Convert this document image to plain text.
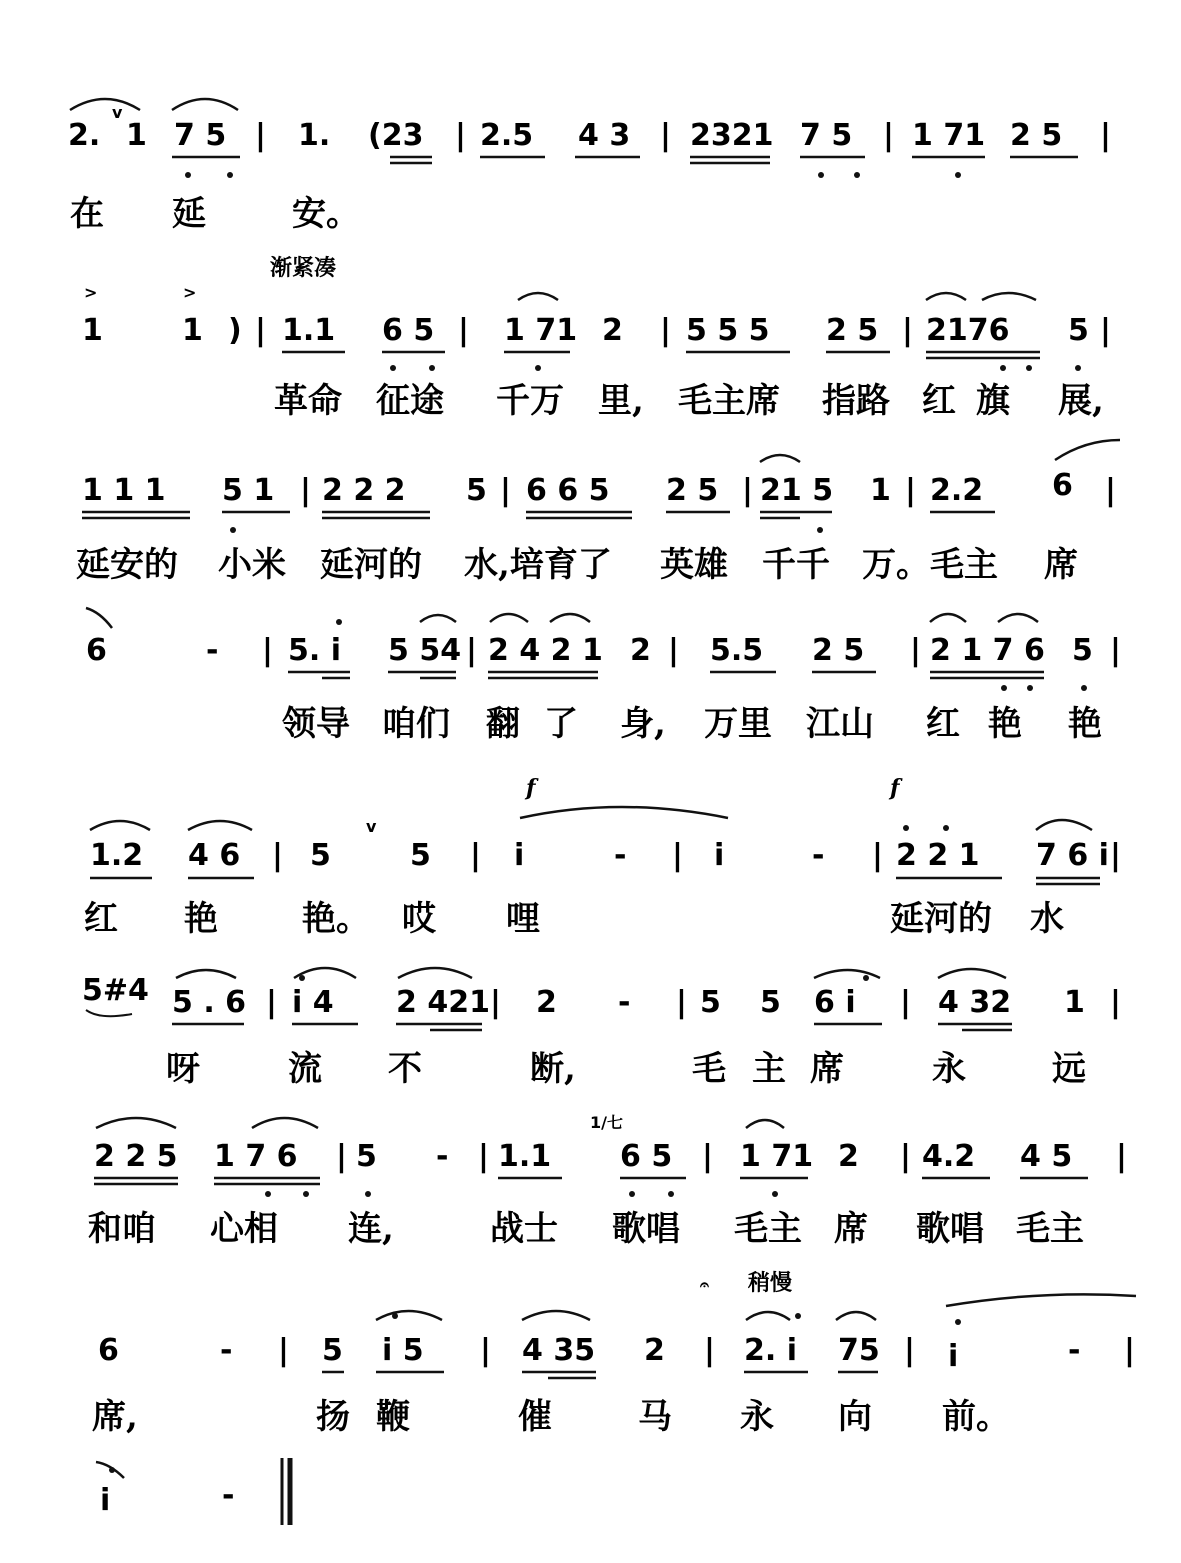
2.
v
1 7 5 | 1. (23 | 2.5 4 3 | 2321 7 5 | 1 71 2 5 |
在 延	安。
渐紧凑
>	>
1	1 ) | 1.1 6 5 | 1 71 2 | 5 5 5 2 5 | 2176 5 |
革命 征途 千万 里, 毛主席 指路 红 旗 展,
1 1 1 5 1 | 2 2 2 5 | 6 6 5 2 5 | 21 5 1 | 2.2 6 |
延安的 小米 延河的 水,培育了 英雄 千千 万。毛主 席
6	- | 5. i 5 54 | 2 4 2 1 2 | 5.5 2 5 | 2 1 7 6 5 |
领导 咱们 翻 了 身, 万里 江山 红 艳 艳
f	f
1.2 4 6 | 5
v
5 | i	- | i	- | 2 2 1 7 6 i |
红 艳 艳。 哎 哩	延河的 水
5#4 5 . 6 | i 4 2 421 | 2 - | 5 5 6 i | 4 32 1 |
呀	流 不	断,	毛 主 席	永	远
2 2 5 1 7 6 | 5 - | 1.1
1/七
6 5 | 1 71 2 | 4.2 4 5 |
和咱 心相 连,	战士 歌唱 毛主 席 歌唱 毛主
稍慢
𝄐
6	- | 5 i 5 | 4 35 2 | 2. i 75 | i	- |
席,	扬 鞭	催	马 永 向 前。
i	-
